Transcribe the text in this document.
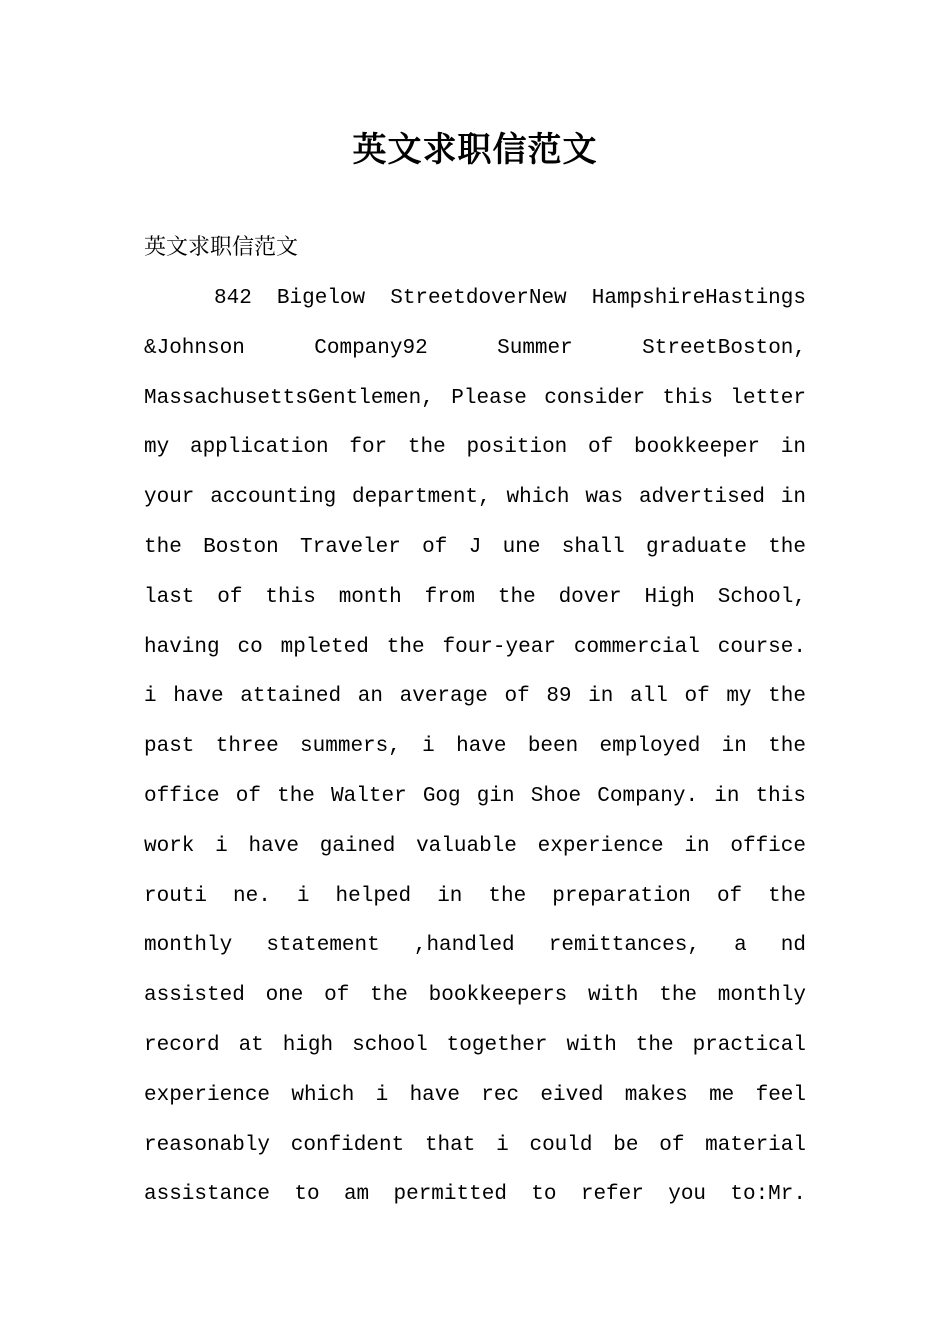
英文求职信范文

英文求职信范文

842 Bigelow StreetdoverNew HampshireHastings
&Johnson Company92 Summer StreetBoston,
MassachusettsGentlemen, Please consider this letter
my application for the position of bookkeeper in
your accounting department, which was advertised in
the Boston Traveler of J une shall graduate the
last of this month from the dover High School,
having co mpleted the four-year commercial course.
i have attained an average of 89 in all of my the
past three summers, i have been employed in the
office of the Walter Gog gin Shoe Company. in this
work i have gained valuable experience in office
routi ne. i helped in the preparation of the
monthly statement ,handled remittances, a nd
assisted one of the bookkeepers with the monthly
record at high school together with the practical
experience which i have rec eived makes me feel
reasonably confident that i could be of material
assistance to am permitted to refer you to:Mr.
